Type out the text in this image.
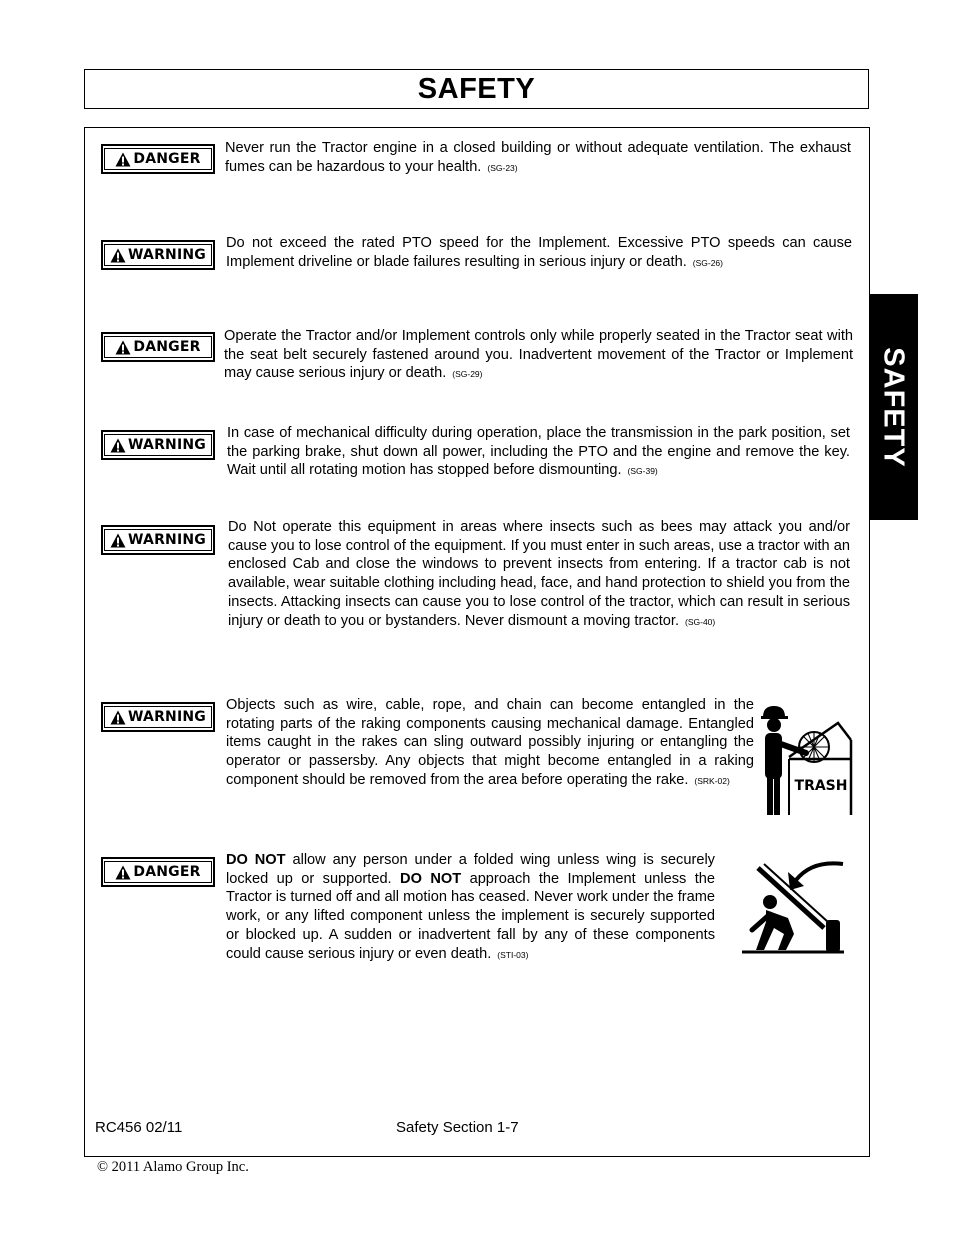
SAFETY
SAFETY
DANGER

Never run the Tractor engine in a closed building or without adequate ventilation. The exhaust fumes can be hazardous to your health. (SG-23)

WARNING

Do not exceed the rated PTO speed for the Implement. Excessive PTO speeds can cause Implement driveline or blade failures resulting in serious injury or death. (SG-26)

DANGER

Operate the Tractor and/or Implement controls only while properly seated in the Tractor seat with the seat belt securely fastened around you. Inadvertent movement of the Tractor or Implement may cause serious injury or death. (SG-29)

WARNING

In case of mechanical difficulty during operation, place the transmission in the park position, set the parking brake, shut down all power, including the PTO and the engine and remove the key. Wait until all rotating motion has stopped before dismounting. (SG-39)

WARNING

Do Not operate this equipment in areas where insects such as bees may attack you and/or cause you to lose control of the equipment. If you must enter in such areas, use a tractor with an enclosed Cab and close the windows to prevent insects from entering. If a tractor cab is not available, wear suitable clothing including head, face, and hand protection to shield you from the insects. Attacking insects can cause you to lose control of the tractor, which can result in serious injury or death to you or bystanders. Never dismount a moving tractor. (SG-40)

WARNING

Objects such as wire, cable, rope, and chain can become entangled in the rotating parts of the raking components causing mechanical damage. Entangled items caught in the rakes can sling outward possibly injuring or entangling the operator or passersby. Any objects that might become entangled in a raking component should be removed from the area before operating the rake. (SRK-02)	TRASH
DANGER

DO NOT allow any person under a folded wing unless wing is securely locked up or supported. DO NOT approach the Implement unless the Tractor is turned off and all motion has ceased. Never work under the frame work, or any lifted component unless the implement is securely supported or blocked up. A sudden or inadvertent fall by any of these components could cause serious injury or even death. (STI-03)

RC456 02/11	Safety Section 1-7
© 2011 Alamo Group Inc.
